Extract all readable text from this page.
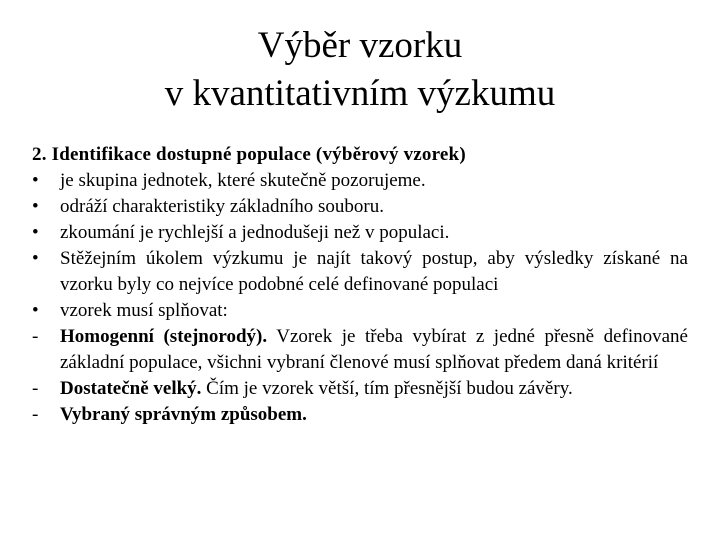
Výběr vzorku
v kvantitativním výzkumu
2. Identifikace dostupné populace (výběrový vzorek)
•	je skupina jednotek, které skutečně pozorujeme.
•	odráží charakteristiky základního souboru.
•	zkoumání je rychlejší a jednodušeji než v populaci.
•	Stěžejním úkolem výzkumu je najít takový postup, aby výsledky získané na vzorku byly co nejvíce podobné celé definované populaci
•	vzorek musí splňovat:
-	Homogenní (stejnorodý). Vzorek je třeba vybírat z jedné přesně definované základní populace, všichni vybraní členové musí splňovat předem daná kritérií
-	Dostatečně velký. Čím je vzorek větší, tím přesnější budou závěry.
-	Vybraný správným způsobem.
